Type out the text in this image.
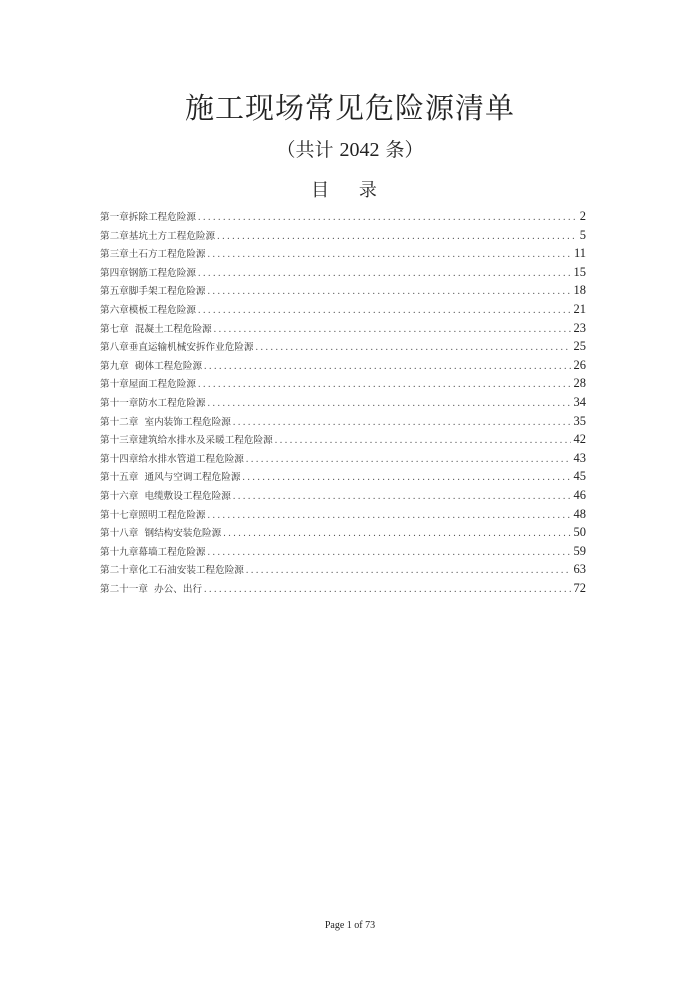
施工现场常见危险源清单
（共计 2042 条）
目 录
第一章拆除工程危险源 . . .	2
第二章基坑土方工程危险源 . . .	5
第三章土石方工程危险源 . . .	11
第四章钢筋工程危险源 . . .	15
第五章脚手架工程危险源 . . .	18
第六章模板工程危险源 . . .	21
第七章  混凝土工程危险源 . . .	23
第八章垂直运输机械安拆作业危险源 . . .	25
第九章  砌体工程危险源 . . .	26
第十章屋面工程危险源 . . .	28
第十一章防水工程危险源 . . .	34
第十二章  室内装饰工程危险源 . . .	35
第十三章建筑给水排水及采暖工程危险源 . . .	42
第十四章给水排水管道工程危险源 . . .	43
第十五章  通风与空调工程危险源 . . .	45
第十六章  电缆敷设工程危险源 . . .	46
第十七章照明工程危险源 . . .	48
第十八章  钢结构安装危险源 . . .	50
第十九章幕墙工程危险源 . . .	59
第二十章化工石油安装工程危险源 . . .	63
第二十一章  办公、出行 . . .	72
Page 1 of 73
